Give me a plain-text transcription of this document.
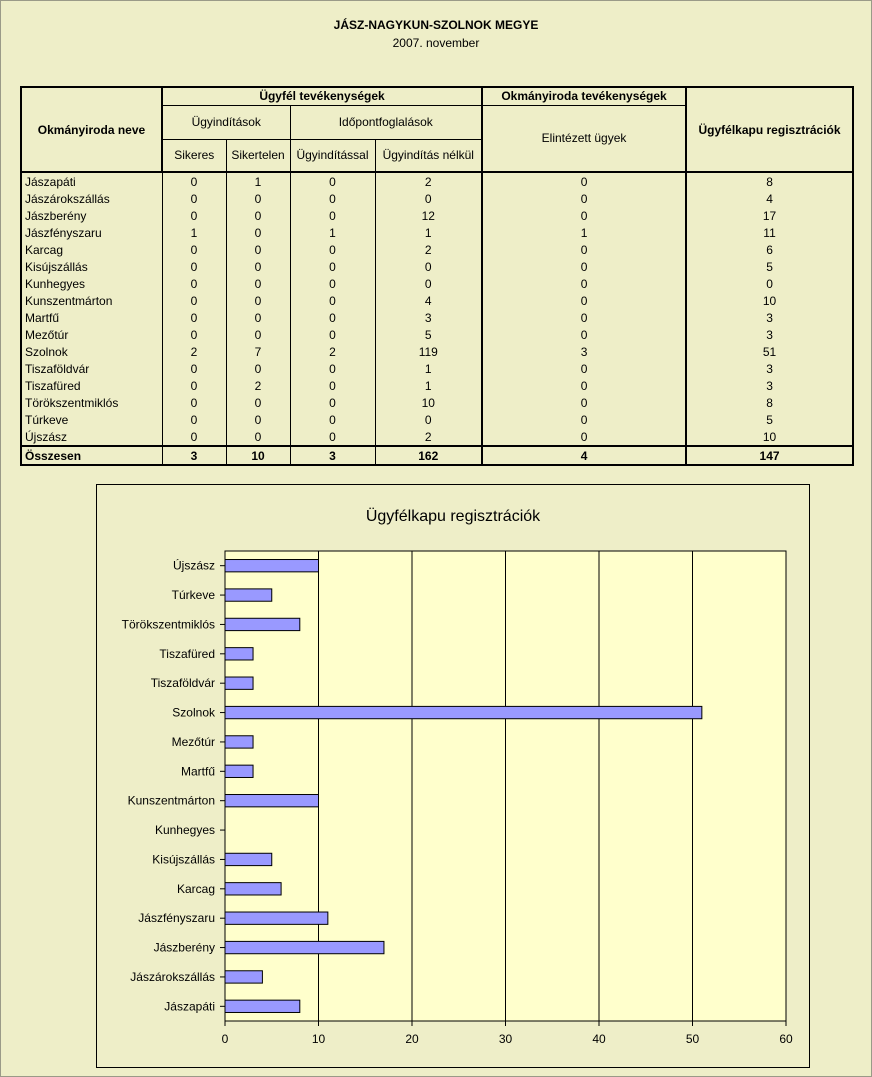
JÁSZ-NAGYKUN-SZOLNOK MEGYE
2007. november
Okmányiroda neve	Ügyfél tevékenységek				Okmányiroda tevékenységek	Ügyfélkapu regisztrációk
	Ügyindítások		Időpontfoglalások		Elintézett ügyek	
	Sikeres	Sikertelen	Ügyindítással	Ügyindítás nélkül		
Jászapáti	0	1	0	2	0	8
Jászárokszállás	0	0	0	0	0	4
Jászberény	0	0	0	12	0	17
Jászfényszaru	1	0	1	1	1	11
Karcag	0	0	0	2	0	6
Kisújszállás	0	0	0	0	0	5
Kunhegyes	0	0	0	0	0	0
Kunszentmárton	0	0	0	4	0	10
Martfű	0	0	0	3	0	3
Mezőtúr	0	0	0	5	0	3
Szolnok	2	7	2	119	3	51
Tiszaföldvár	0	0	0	1	0	3
Tiszafüred	0	2	0	1	0	3
Törökszentmiklós	0	0	0	10	0	8
Túrkeve	0	0	0	0	0	5
Újszász	0	0	0	2	0	10
Összesen	3	10	3	162	4	147
Ügyfélkapu regisztrációk
0	10	20	30	40	50	60
Újszász
Túrkeve
Törökszentmiklós
Tiszafüred
Tiszaföldvár
Szolnok
Mezőtúr
Martfű
Kunszentmárton
Kunhegyes
Kisújszállás
Karcag
Jászfényszaru
Jászberény
Jászárokszállás
Jászapáti
